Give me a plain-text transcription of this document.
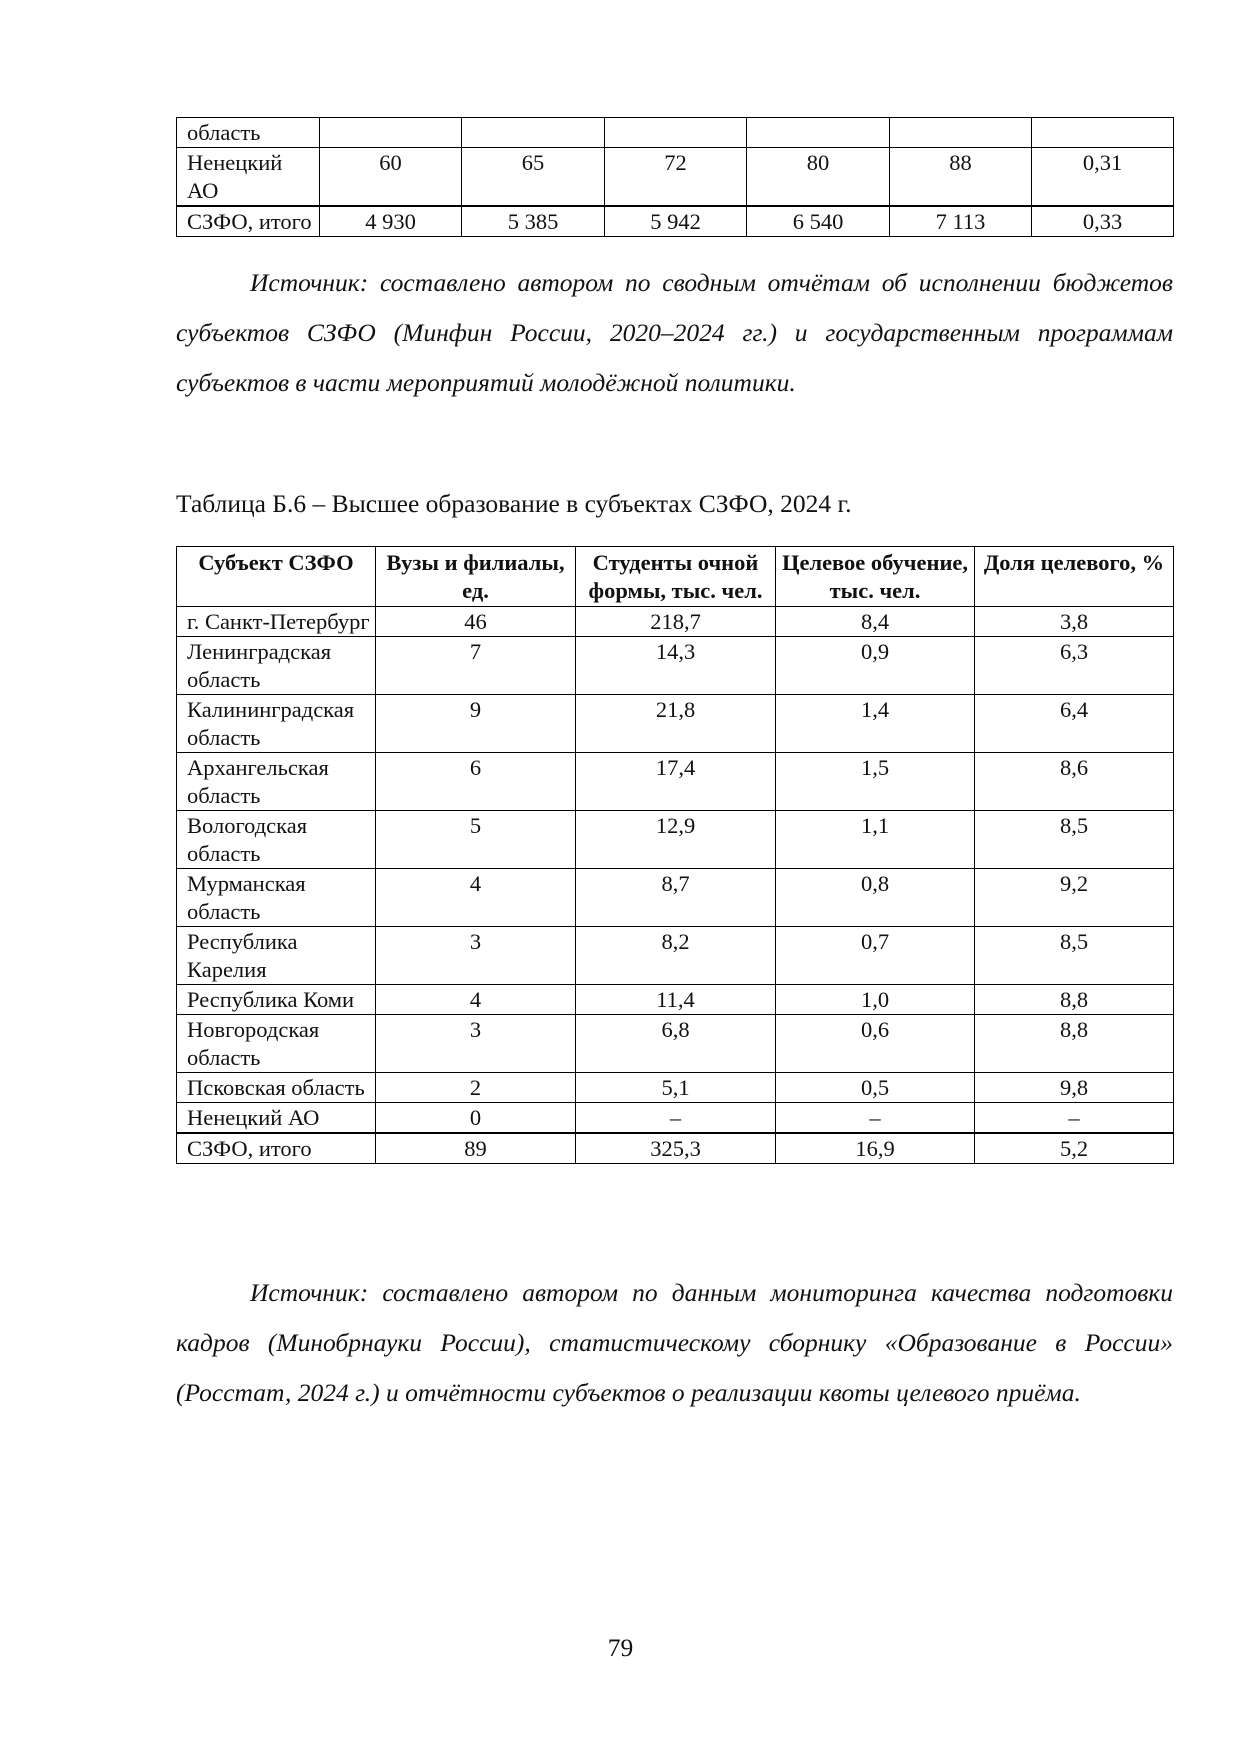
область						
Ненецкий АО	60	65	72	80	88	0,31
СЗФО, итого	4 930	5 385	5 942	6 540	7 113	0,33

Источник: составлено автором по сводным отчётам об исполнении бюджетов субъектов СЗФО (Минфин России, 2020–2024 гг.) и государственным программам субъектов в части мероприятий молодёжной политики.

Таблица Б.6 – Высшее образование в субъектах СЗФО, 2024 г.
Субъект СЗФО	Вузы и филиалы, ед.	Студенты очной формы, тыс. чел.	Целевое обучение, тыс. чел.	Доля целевого, %
г. Санкт-Петербург	46	218,7	8,4	3,8
Ленинградская область	7	14,3	0,9	6,3
Калининградская область	9	21,8	1,4	6,4
Архангельская область	6	17,4	1,5	8,6
Вологодская область	5	12,9	1,1	8,5
Мурманская область	4	8,7	0,8	9,2
Республика Карелия	3	8,2	0,7	8,5
Республика Коми	4	11,4	1,0	8,8
Новгородская область	3	6,8	0,6	8,8
Псковская область	2	5,1	0,5	9,8
Ненецкий АО	0	–	–	–
СЗФО, итого	89	325,3	16,9	5,2

Источник: составлено автором по данным мониторинга качества подготовки кадров (Минобрнауки России), статистическому сборнику «Образование в России» (Росстат, 2024 г.) и отчётности субъектов о реализации квоты целевого приёма.

79
